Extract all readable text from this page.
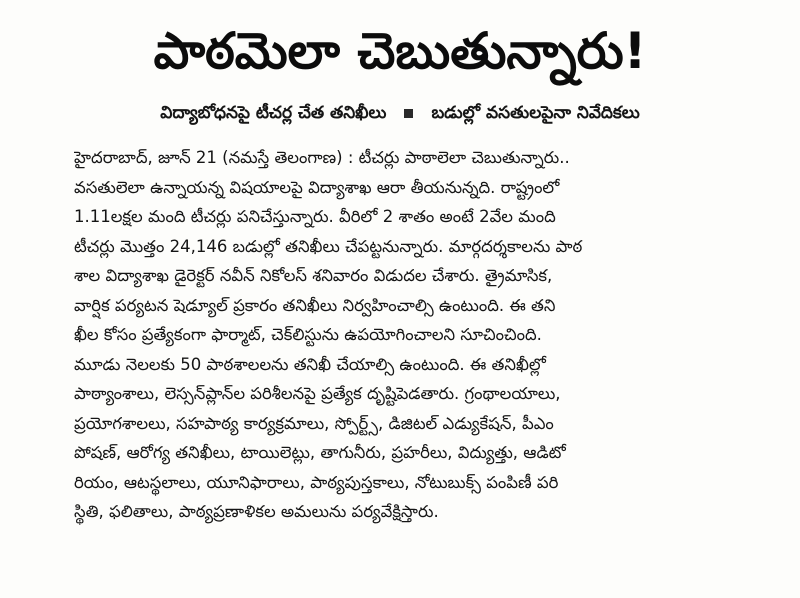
పాఠమెలా చెబుతున్నారు!
విద్యాబోధనపై టీచర్ల చేత తనిఖీలు	బడుల్లో వసతులపైనా నివేదికలు
హైదరాబాద్, జూన్ 21 (నమస్తే తెలంగాణ) : టీచర్లు పాఠాలెలా చెబుతున్నారు..
వసతులెలా ఉన్నాయన్న విషయాలపై విద్యాశాఖ ఆరా తీయనున్నది. రాష్ట్రంలో
1.11లక్షల మంది టీచర్లు పనిచేస్తున్నారు. వీరిలో 2 శాతం అంటే 2వేల మంది
టీచర్లు మొత్తం 24,146 బడుల్లో తనిఖీలు చేపట్టనున్నారు. మార్గదర్శకాలను పాఠ
శాల విద్యాశాఖ డైరెక్టర్ నవీన్ నికోలస్ శనివారం విడుదల చేశారు. త్రైమాసిక,
వార్షిక పర్యటన షెడ్యూల్ ప్రకారం తనిఖీలు నిర్వహించాల్సి ఉంటుంది. ఈ తని
ఖీల కోసం ప్రత్యేకంగా ఫార్మాట్, చెక్‌లిస్టును ఉపయోగించాలని సూచించింది.
మూడు నెలలకు 50 పాఠశాలలను తనిఖీ చేయాల్సి ఉంటుంది. ఈ తనిఖీల్లో
పాఠ్యాంశాలు, లెస్సన్‌ప్లాన్‌ల పరిశీలనపై ప్రత్యేక దృష్టిపెడతారు. గ్రంథాలయాలు,
ప్రయోగశాలలు, సహపాఠ్య కార్యక్రమాలు, స్పోర్ట్స్, డిజిటల్ ఎడ్యుకేషన్, పీఎం
పోషణ్, ఆరోగ్య తనిఖీలు, టాయిలెట్లు, తాగునీరు, ప్రహరీలు, విద్యుత్తు, ఆడిటో
రియం, ఆటస్థలాలు, యూనిఫారాలు, పాఠ్యపుస్తకాలు, నోటుబుక్స్ పంపిణీ పరి
స్థితి, ఫలితాలు, పాఠ్యప్రణాళికల అమలును పర్యవేక్షిస్తారు.
